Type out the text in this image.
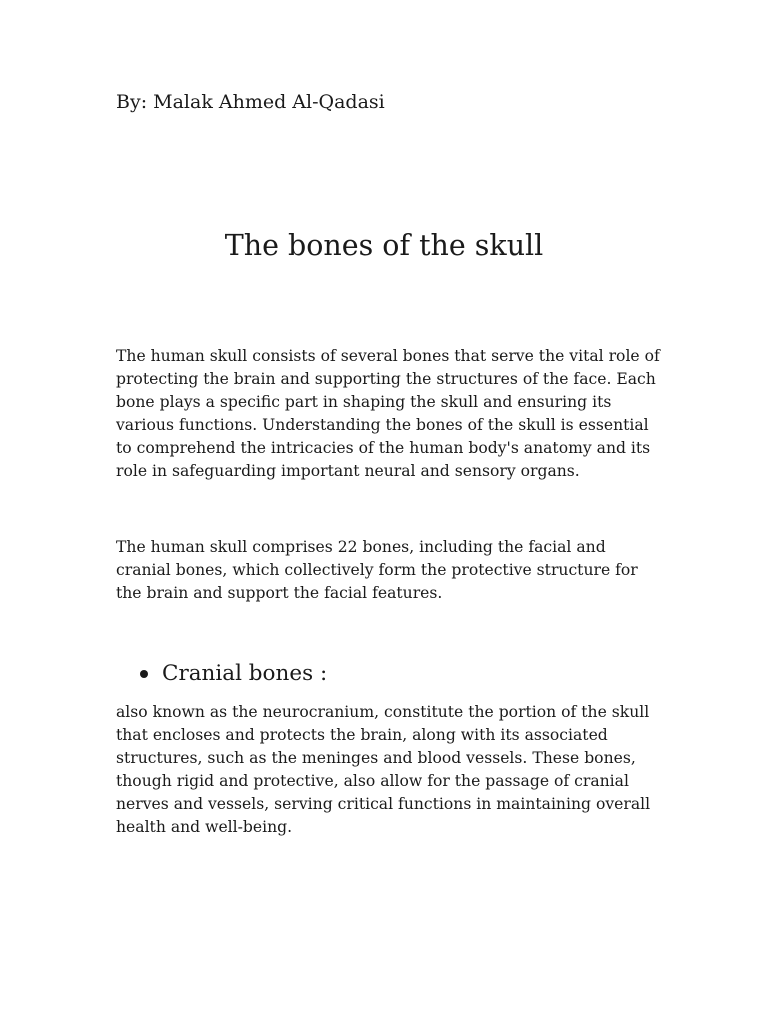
By: Malak Ahmed Al-Qadasi

The bones of the skull

The human skull consists of several bones that serve the vital role of protecting the brain and supporting the structures of the face. Each bone plays a specific part in shaping the skull and ensuring its various functions. Understanding the bones of the skull is essential to comprehend the intricacies of the human body's anatomy and its role in safeguarding important neural and sensory organs.

The human skull comprises 22 bones, including the facial and cranial bones, which collectively form the protective structure for the brain and support the facial features.

Cranial bones :

also known as the neurocranium, constitute the portion of the skull that encloses and protects the brain, along with its associated structures, such as the meninges and blood vessels. These bones, though rigid and protective, also allow for the passage of cranial nerves and vessels, serving critical functions in maintaining overall health and well-being.
